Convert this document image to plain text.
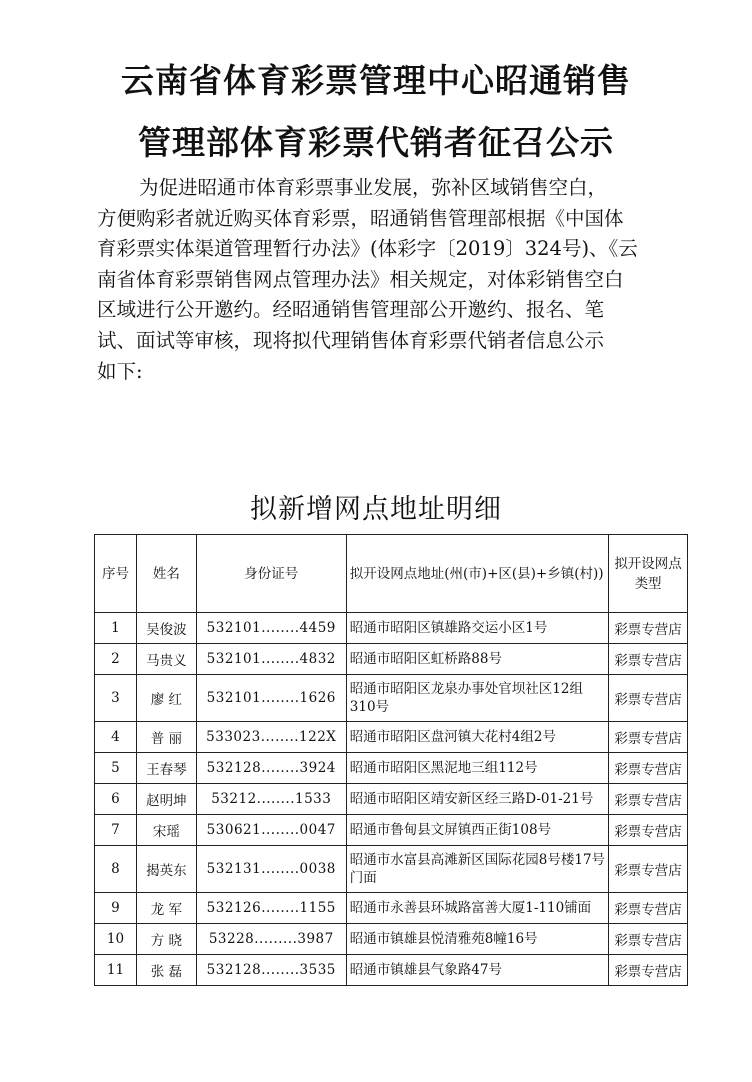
云南省体育彩票管理中心昭通销售
管理部体育彩票代销者征召公示
为促进昭通市体育彩票事业发展，弥补区域销售空白，
方便购彩者就近购买体育彩票，昭通销售管理部根据《中国体
育彩票实体渠道管理暂行办法》(体彩字〔2019〕324号)、《云
南省体育彩票销售网点管理办法》相关规定，对体彩销售空白
区域进行公开邀约。经昭通销售管理部公开邀约、报名、笔
试、面试等审核，现将拟代理销售体育彩票代销者信息公示
如下:
拟新增网点地址明细
序号	姓名	身份证号	拟开设网点地址(州(市)+区(县)+乡镇(村))	拟开设网点类型
1	吴俊波	532101........4459	昭通市昭阳区镇雄路交运小区1号	彩票专营店
2	马贵义	532101........4832	昭通市昭阳区虹桥路88号	彩票专营店
3	廖 红	532101........1626	昭通市昭阳区龙泉办事处官坝社区12组310号	彩票专营店
4	普 丽	533023........122X	昭通市昭阳区盘河镇大花村4组2号	彩票专营店
5	王春琴	532128........3924	昭通市昭阳区黑泥地三组112号	彩票专营店
6	赵明坤	53212........1533	昭通市昭阳区靖安新区经三路D-01-21号	彩票专营店
7	宋瑶	530621........0047	昭通市鲁甸县文屏镇西正街108号	彩票专营店
8	揭英东	532131........0038	昭通市水富县高滩新区国际花园8号楼17号门面	彩票专营店
9	龙 军	532126........1155	昭通市永善县环城路富善大厦1-110铺面	彩票专营店
10	方 晓	53228.........3987	昭通市镇雄县悦清雅苑8幢16号	彩票专营店
11	张 磊	532128........3535	昭通市镇雄县气象路47号	彩票专营店
